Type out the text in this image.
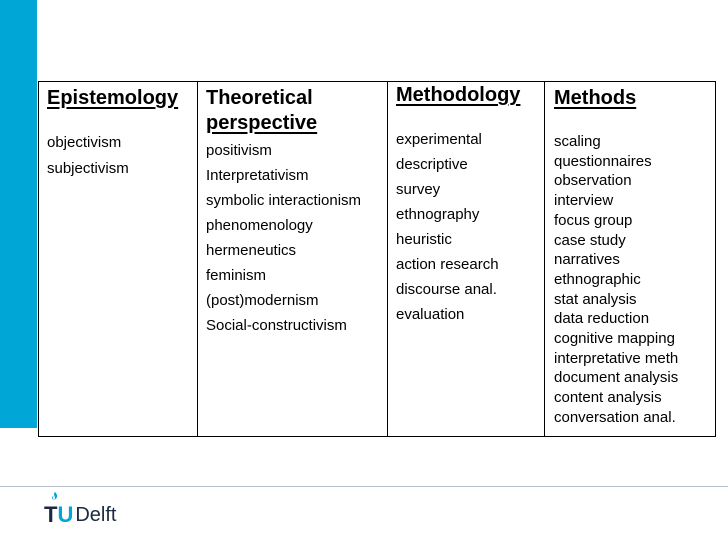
Epistemology
objectivism
subjectivism
Theoretical
perspective
positivism
Interpretativism
symbolic interactionism
phenomenology
hermeneutics
feminism
(post)modernism
Social-constructivism
Methodology
experimental
descriptive
survey
ethnography
heuristic
action research
discourse anal.
evaluation
Methods
scaling
questionnaires
observation
interview
focus group
case study
narratives
ethnographic
stat analysis
data reduction
cognitive mapping
interpretative meth
document analysis
content analysis
conversation anal.
T U Delft
